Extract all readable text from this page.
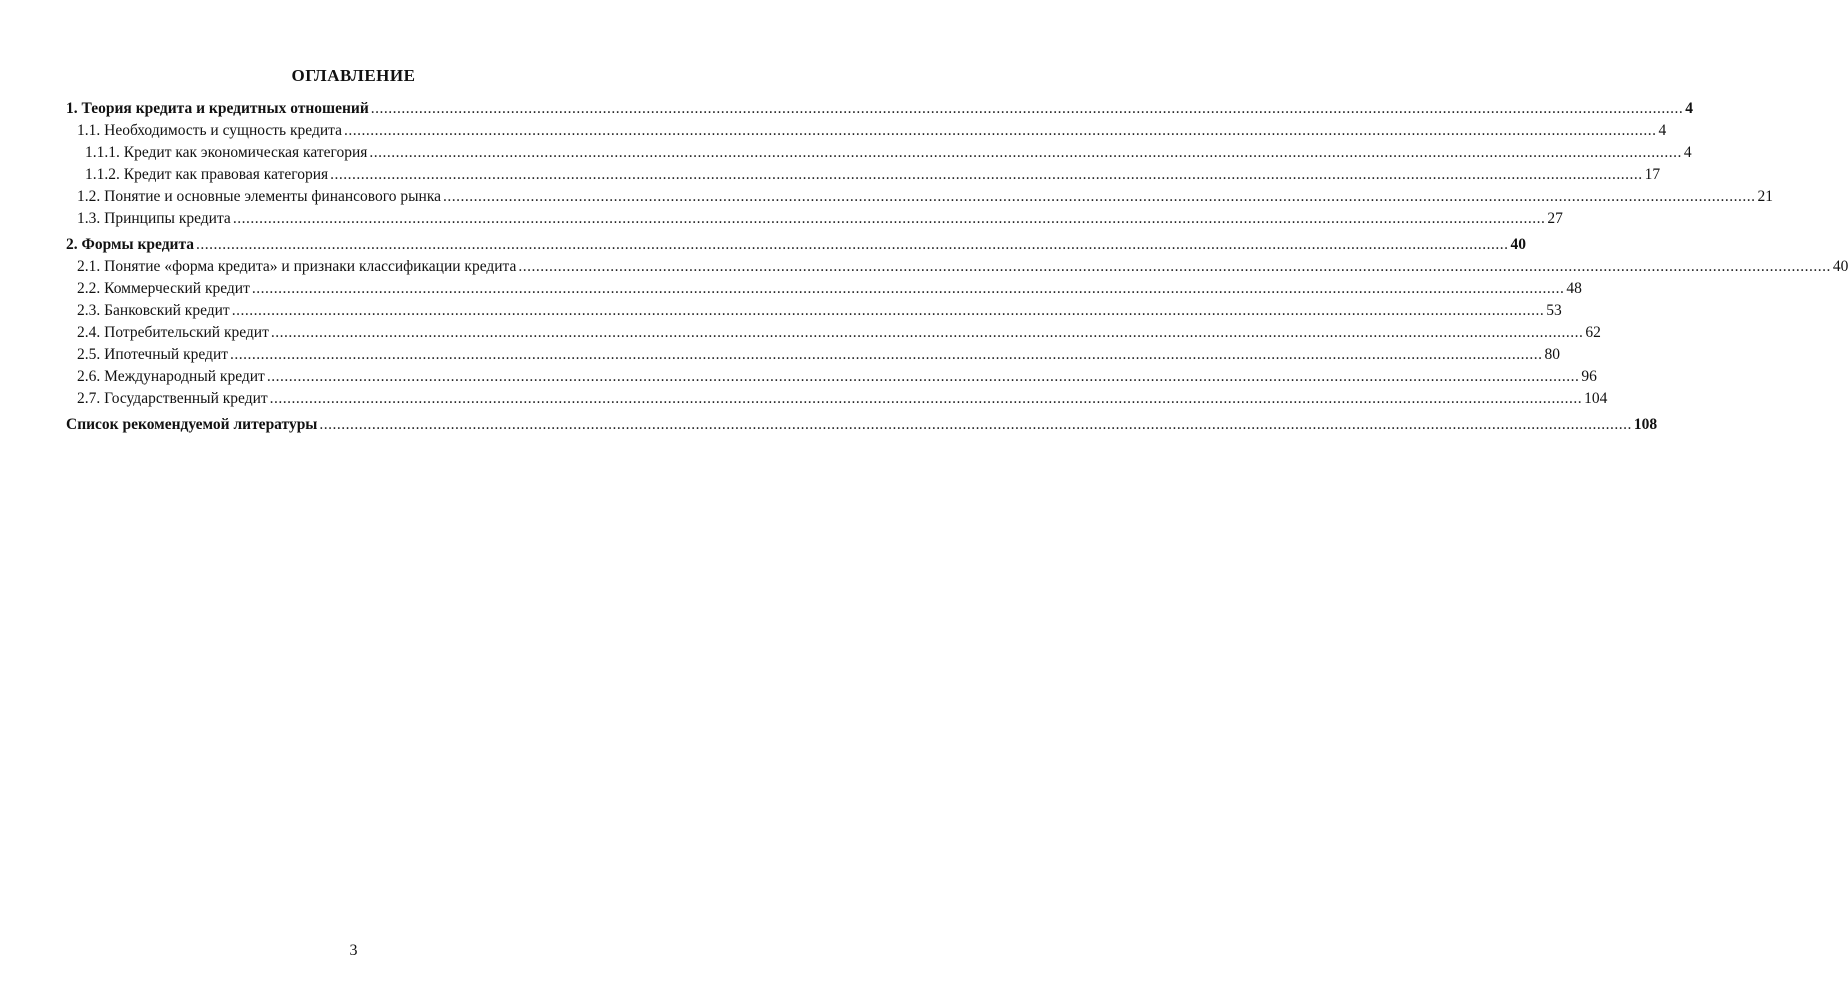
ОГЛАВЛЕНИЕ
1. Теория кредита и кредитных отношений ............................................................................................................................................................................................................................................................................................................ 4
1.1. Необходимость и сущность кредита ............................................................................................................................................................................................................................................................................................................ 4
1.1.1. Кредит как экономическая категория ............................................................................................................................................................................................................................................................................................................ 4
1.1.2. Кредит как правовая категория ............................................................................................................................................................................................................................................................................................................ 17
1.2. Понятие и основные элементы финансового рынка ............................................................................................................................................................................................................................................................................................................ 21
1.3. Принципы кредита ............................................................................................................................................................................................................................................................................................................ 27
2. Формы кредита ............................................................................................................................................................................................................................................................................................................ 40
2.1. Понятие «форма кредита» и признаки классификации кредита ............................................................................................................................................................................................................................................................................................................ 40
2.2. Коммерческий кредит ............................................................................................................................................................................................................................................................................................................ 48
2.3. Банковский кредит ............................................................................................................................................................................................................................................................................................................ 53
2.4. Потребительский кредит ............................................................................................................................................................................................................................................................................................................ 62
2.5. Ипотечный кредит ............................................................................................................................................................................................................................................................................................................ 80
2.6. Международный кредит ............................................................................................................................................................................................................................................................................................................ 96
2.7. Государственный кредит ............................................................................................................................................................................................................................................................................................................ 104
Список рекомендуемой литературы ............................................................................................................................................................................................................................................................................................................ 108
3
